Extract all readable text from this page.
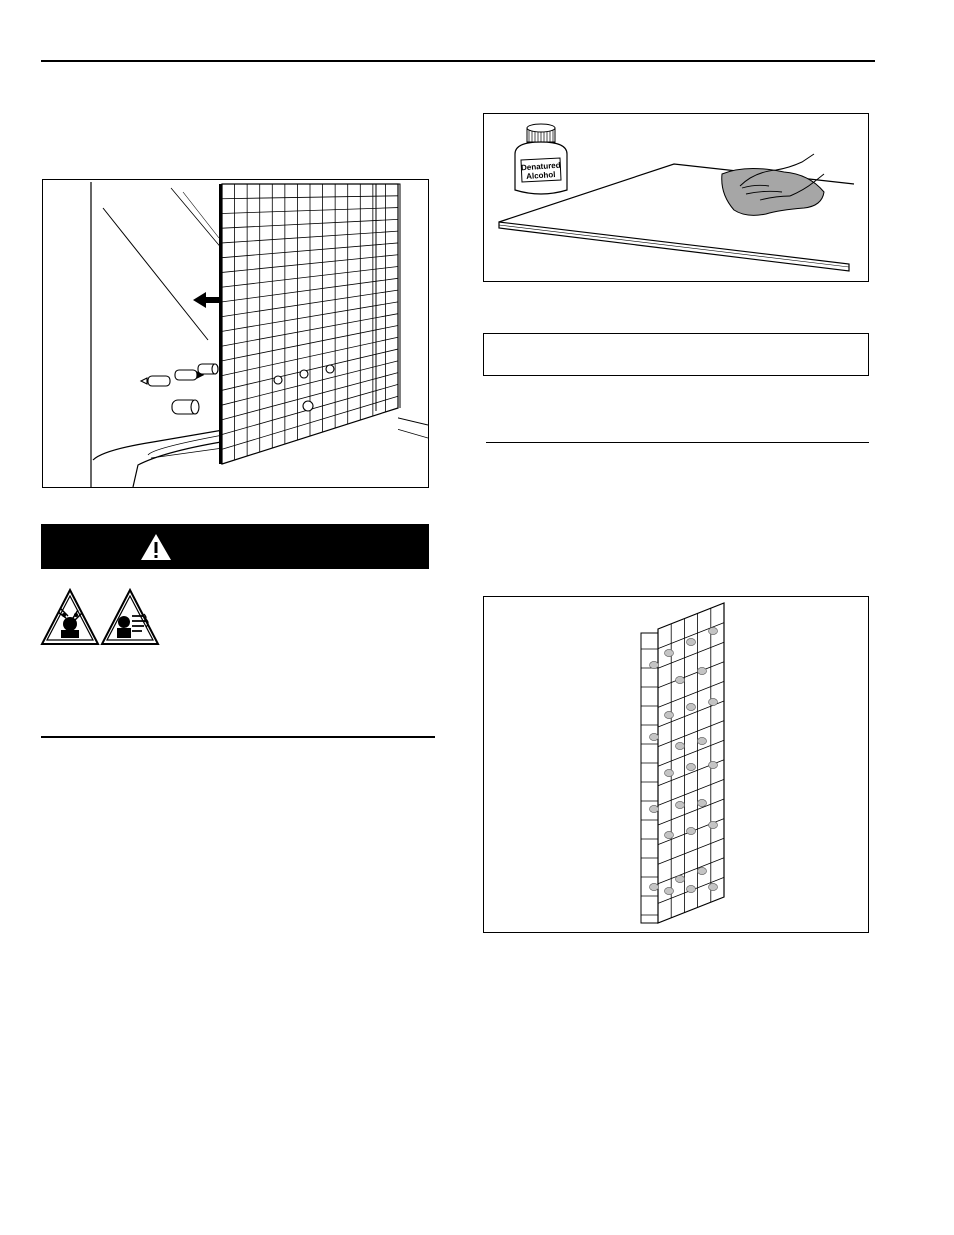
Denatured
Alcohol
